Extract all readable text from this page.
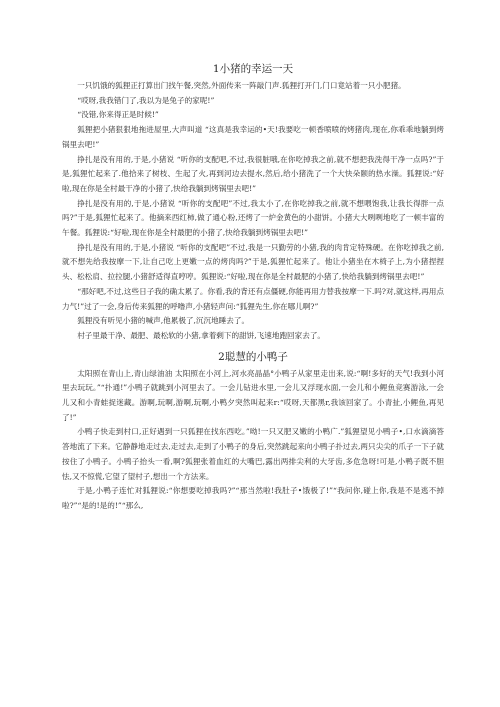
1小猪的幸运一天

一只饥饿的狐狸正打算出门找午餐,突然,外面传来一阵敲门声.狐狸打开门,门口竟站着一只小肥猪。

“哎呀,我我错门了,我以为是兔子的家呢!”

“没错,你来得正是时候!”

狐狸把小猪狠狠地拖进屋里,大声叫道 “这真是我幸运的•天!我要吃一顿香喷喷的烤猪肉,现在,你乖乖地躺到烤锅里去吧!”

挣扎是没有用的,于是,小猪说 “听你的支配吧,不过,我很脏哦,在你吃掉我之前,就不想把我洗得干净一点吗?”于是,狐狸忙起来了.他拾来了树枝、生起了火,再到河边去提水,然后,给小猪洗了一个大快朵颐的热水澡。狐狸说:“好啦,现在你是全村最干净的小猪了,快给我躺到烤锅里去吧!”

挣扎是没有用的,于是,小猪说 “听你的支配吧”不过,我太小了,在你吃掉我之前,就不想喂饱我,让我长得胖一点吗?”于是,狐狸忙起来了。他摘来西红柿,做了通心粉,还烤了一炉金黄色的小甜饼。小猪大大咧咧地吃了一顿丰富的午餐。狐狸说:“好啦,现在你是全村最肥的小猪了,快给我躺到烤锅里去吧!”

挣扎是没有用的,于是,小猪说 “听你的支配吧”不过,我是一只勤劳的小猪,我的肉肯定特殊硬。在你吃掉我之前,就不想先给我按摩一下,让自己吃上更嫩一点的烤肉吗?”于是,狐狸忙起来了。他让小猪坐在木椅子上,为小猪捏捏头、松松肩、拉拉腿,小猪舒适得直哼哼。狐狸说:“好啦,现在你是全村最肥的小猪了,快给我躺到烤锅里去吧!”

“那好吧,不过,这些日子我的确太累了。你看,我的背还有点僵硬,你能再用力替我按摩一下.吗?对,就这样,再用点力气!”过了一会,身后传来狐狸的呼噜声,小猪轻声问:“狐狸先生,你在哪儿啊?”

狐狸没有听见小猪的喊声,他累极了,沉沉地睡去了。

村子里最干净、最肥、最松软的小猪,拿着剩下的甜饼,飞速地跑回家去了。

2聪慧的小鸭子

太阳照在青山上,青山绿油油 太阳照在小河上,河水亮晶晶°小鸭子从家里走出来,说:“啊!多好的天气!我到小河里去玩玩。”“扑通!”小鸭子就跳到小河里去了。一会儿钻进水里,一会儿又浮现水面,一会儿和小鲤鱼竞赛游泳,一会儿又和小青蛙捉迷藏。游啊,玩啊,游啊,玩啊,小鸭夕突然叫起来r:“哎呀,天都黑r,我该回家了。小青扯,小鲤鱼,再见了!”

小鸭子快走到村口,正好遇到一只狐狸在找东西吃。”呦!一只又肥又嫩的小鸭广.”狐狸望见小鸭子•,口水滴滴答答地流了下来。它静静地走过去,走过去,走到了小鸭子的身后,突然跳起来向小鸭子扑过去,两只尖尖的爪子一下子就按住了小鸭子。小鸭子抬头一看,啊?狐狸张着血红的大嘴巴,露出两排尖利的大牙齿,多危急呀!可是,小鸭子既不胆怯,又不惊慌,它望了望村子,想出一个方法来。

于是,小鸭子连忙对狐狸说:“你想要吃掉我吗?”“那当然啦!我肚子•饿极了!”“我问你,碰上你,我是不是逃不掉啦?”“是的!是的!”“那么,
